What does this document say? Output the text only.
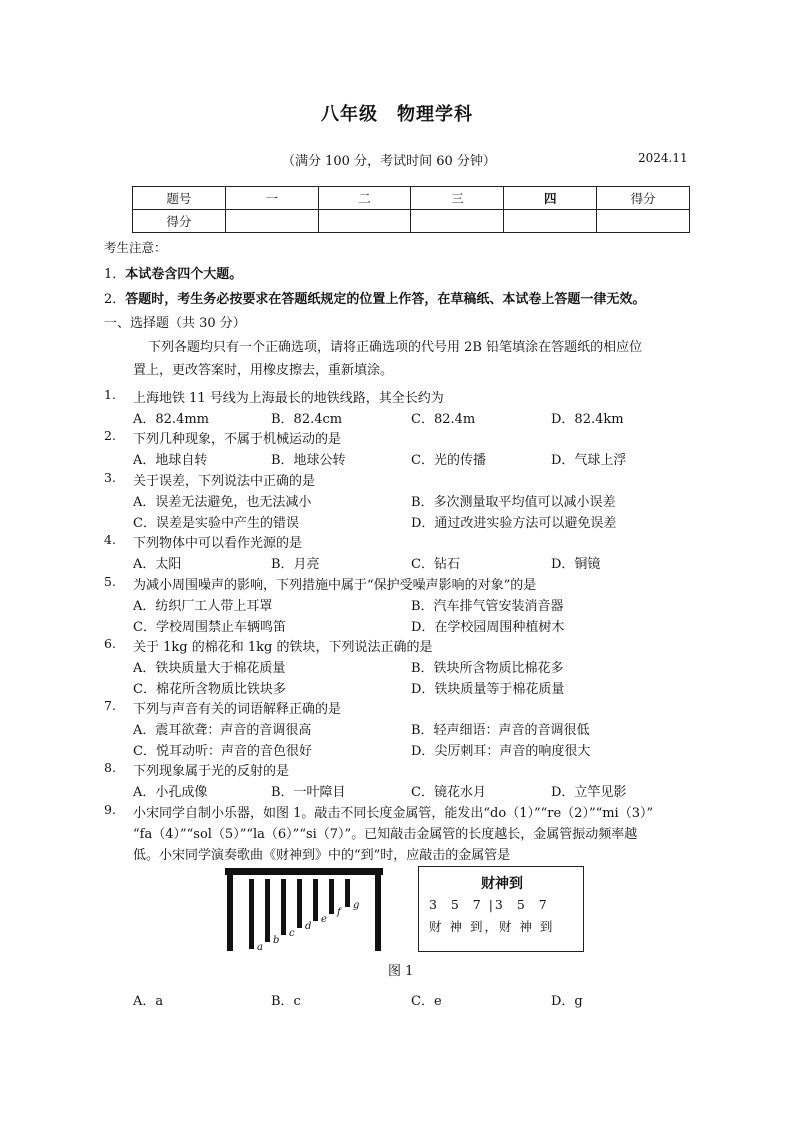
八年级　物理学科
（满分 100 分，考试时间 60 分钟）	2024.11
题号	一	二	三	四	得分
得分					
考生注意：
1．本试卷含四个大题。
2．答题时，考生务必按要求在答题纸规定的位置上作答，在草稿纸、本试卷上答题一律无效。
一、选择题（共 30 分）
下列各题均只有一个正确选项，请将正确选项的代号用 2B 铅笔填涂在答题纸的相应位
置上，更改答案时，用橡皮擦去，重新填涂。
1. 上海地铁 11 号线为上海最长的地铁线路，其全长约为
A．82.4mm	B．82.4cm	C．82.4m	D．82.4km
2. 下列几种现象，不属于机械运动的是
A．地球自转	B．地球公转	C．光的传播	D．气球上浮
3. 关于误差，下列说法中正确的是
A．误差无法避免，也无法减小	B．多次测量取平均值可以减小误差
C．误差是实验中产生的错误	D．通过改进实验方法可以避免误差
4. 下列物体中可以看作光源的是
A．太阳	B．月亮	C．钻石	D．铜镜
5. 为减小周围噪声的影响，下列措施中属于“保护受噪声影响的对象”的是
A．纺织厂工人带上耳罩	B．汽车排气管安装消音器
C．学校周围禁止车辆鸣笛	D．在学校园周围种植树木
6. 关于 1kg 的棉花和 1kg 的铁块，下列说法正确的是
A．铁块质量大于棉花质量	B．铁块所含物质比棉花多
C．棉花所含物质比铁块多	D．铁块质量等于棉花质量
7. 下列与声音有关的词语解释正确的是
A．震耳欲聋：声音的音调很高	B．轻声细语：声音的音调很低
C．悦耳动听：声音的音色很好	D．尖厉刺耳：声音的响度很大
8. 下列现象属于光的反射的是
A．小孔成像	B．一叶障目	C．镜花水月	D．立竿见影
9. 小宋同学自制小乐器，如图 1。敲击不同长度金属管，能发出“do（1）”“re（2）”“mi（3）”
“fa（4）”“sol（5）”“la（6）”“si（7）”。已知敲击金属管的长度越长，金属管振动频率越
低。小宋同学演奏歌曲《财神到》中的“到”时，应敲击的金属管是
A．a	B．c	C．e	D．g
a
b
c
d
e
f
g
财神到
3  5  7 |3  5  7
财 神 到，财 神 到
图 1
